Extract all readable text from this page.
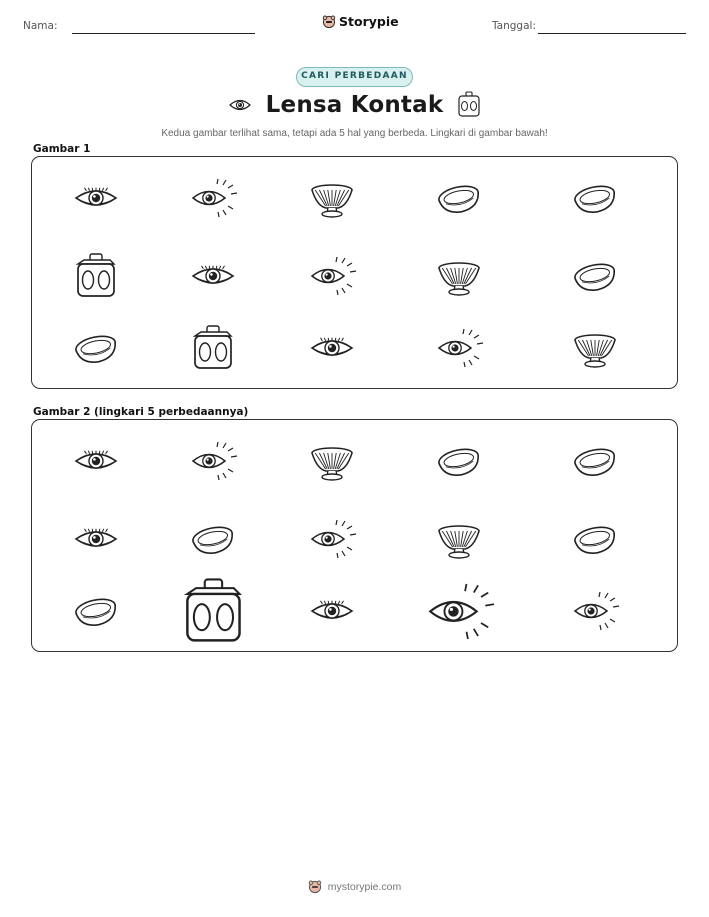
Nama:	Storypie	Tanggal:
CARI PERBEDAAN
Lensa Kontak
Kedua gambar terlihat sama, tetapi ada 5 hal yang berbeda. Lingkari di gambar bawah!
Gambar 1
Gambar 2 (lingkari 5 perbedaannya)
mystorypie.com
